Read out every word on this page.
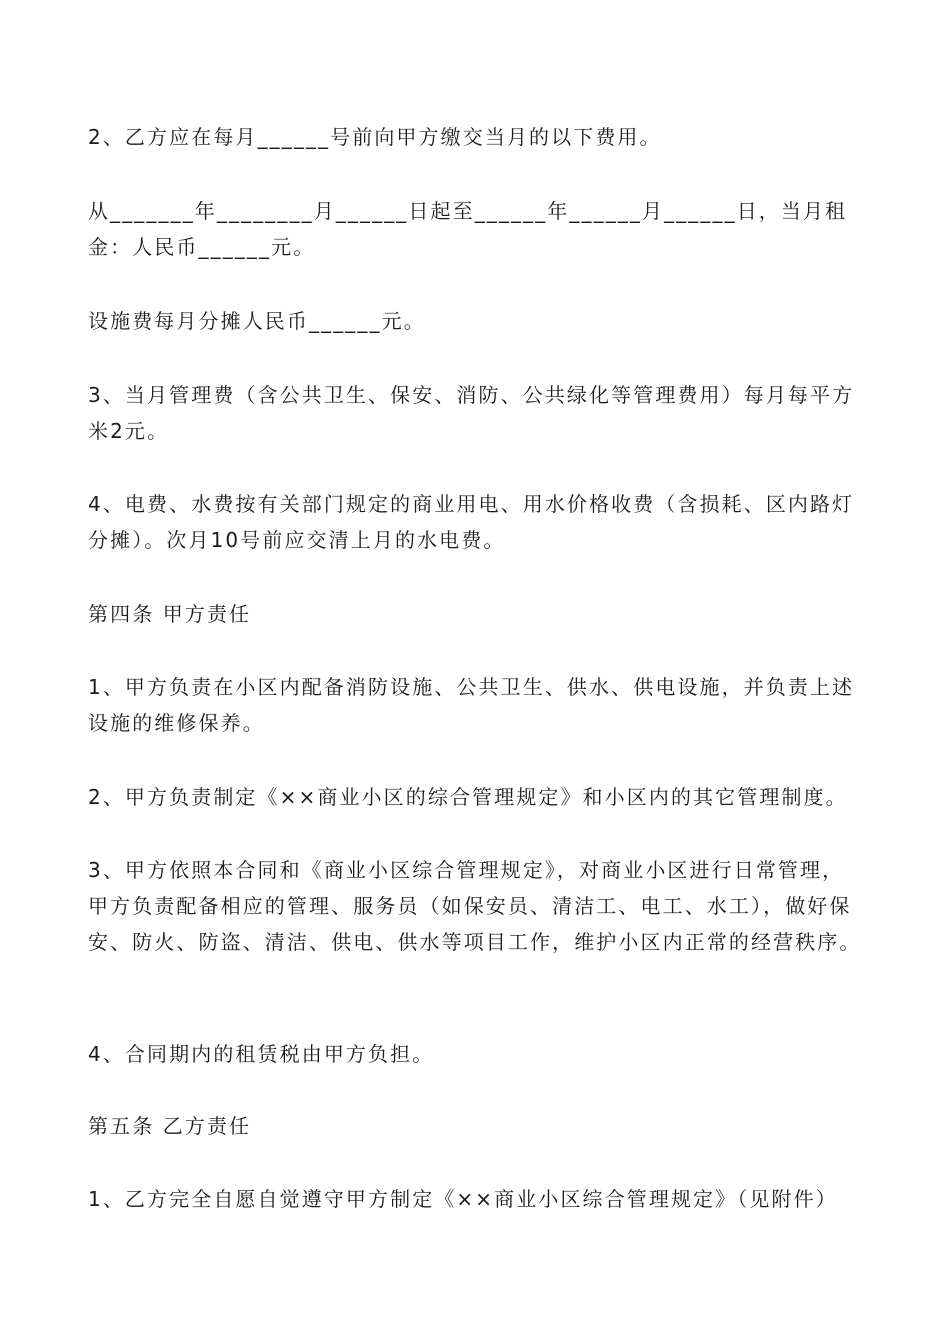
2、乙方应在每月______号前向甲方缴交当月的以下费用。

从_______年________月______日起至______年______月______日，当月租金：人民币______元。

设施费每月分摊人民币______元。

3、当月管理费（含公共卫生、保安、消防、公共绿化等管理费用）每月每平方米2元。

4、电费、水费按有关部门规定的商业用电、用水价格收费（含损耗、区内路灯分摊）。次月10号前应交清上月的水电费。

第四条 甲方责任

1、甲方负责在小区内配备消防设施、公共卫生、供水、供电设施，并负责上述设施的维修保养。

2、甲方负责制定《××商业小区的综合管理规定》和小区内的其它管理制度。

3、甲方依照本合同和《商业小区综合管理规定》，对商业小区进行日常管理，甲方负责配备相应的管理、服务员（如保安员、清洁工、电工、水工），做好保安、防火、防盗、清洁、供电、供水等项目工作，维护小区内正常的经营秩序。

4、合同期内的租赁税由甲方负担。

第五条 乙方责任

1、乙方完全自愿自觉遵守甲方制定《××商业小区综合管理规定》（见附件）
